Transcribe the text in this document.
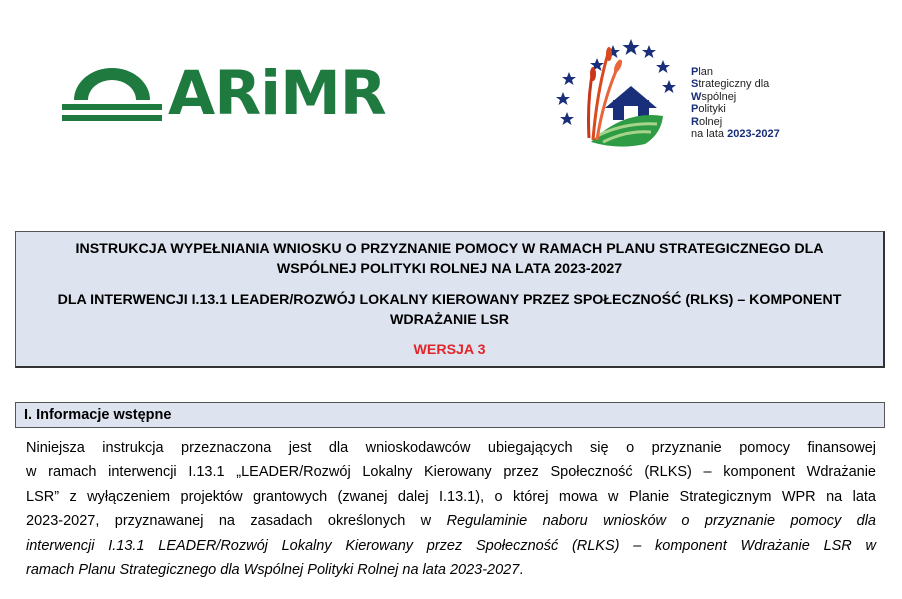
ARiMR	Plan
Strategiczny dla
Wspólnej
Polityki
Rolnej
na lata 2023-2027
INSTRUKCJA WYPEŁNIANIA WNIOSKU O PRZYZNANIE POMOCY W RAMACH PLANU STRATEGICZNEGO DLA
WSPÓLNEJ POLITYKI ROLNEJ NA LATA 2023-2027
DLA INTERWENCJI I.13.1 LEADER/ROZWÓJ LOKALNY KIEROWANY PRZEZ SPOŁECZNOŚĆ (RLKS) – KOMPONENT
WDRAŻANIE LSR
WERSJA 3
I. Informacje wstępne
Niniejsza instrukcja przeznaczona jest dla wnioskodawców ubiegających się o przyznanie pomocy finansowej
w ramach interwencji I.13.1 „LEADER/Rozwój Lokalny Kierowany przez Społeczność (RLKS) – komponent Wdrażanie
LSR” z wyłączeniem projektów grantowych (zwanej dalej I.13.1), o której mowa w Planie Strategicznym WPR na lata
2023-2027, przyznawanej na zasadach określonych w Regulaminie naboru wniosków o przyznanie pomocy dla
interwencji I.13.1 LEADER/Rozwój Lokalny Kierowany przez Społeczność (RLKS) – komponent Wdrażanie LSR w
ramach Planu Strategicznego dla Wspólnej Polityki Rolnej na lata 2023-2027.
